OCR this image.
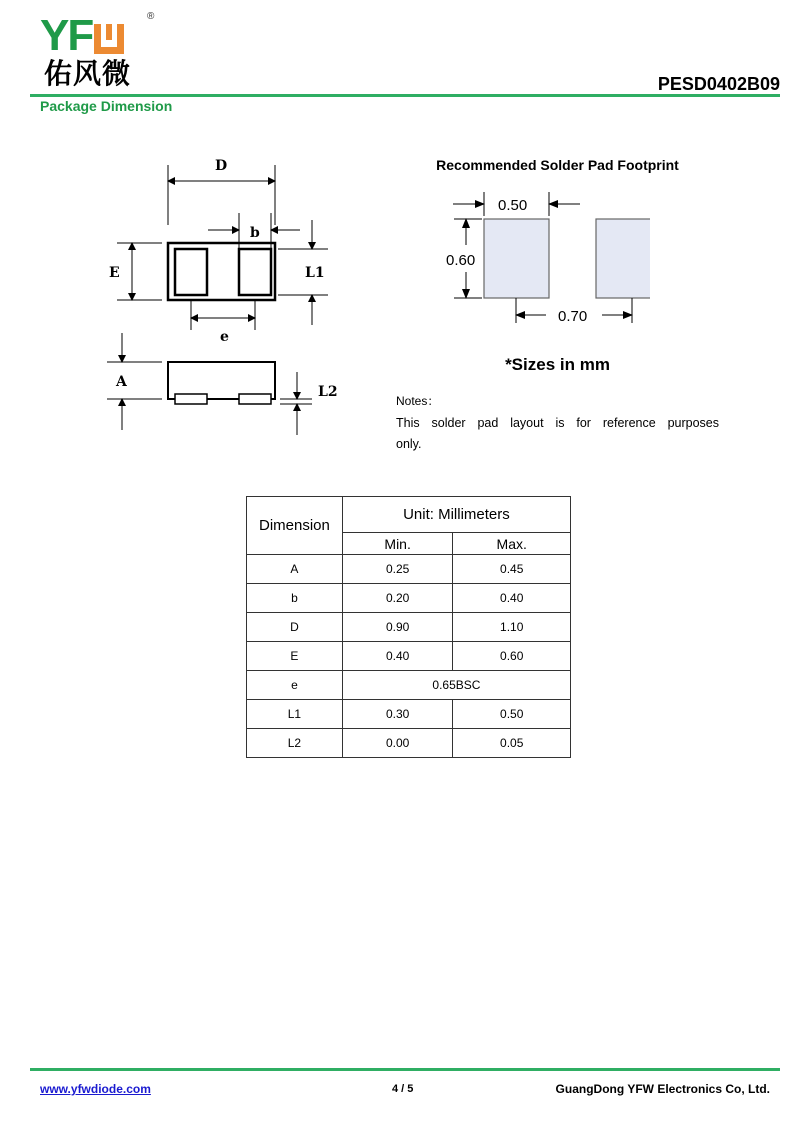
YF	®
佑风微	PESD0402B09
Package Dimension
D
b
E	L1
e
A
L2
Recommended Solder Pad Footprint
0.50
0.60
0.70
*Sizes in mm
Notes：
This solder pad layout is for reference purposes only.
Dimension	Unit: Millimeters	
	Min.	Max.
A	0.25	0.45
b	0.20	0.40
D	0.90	1.10
E	0.40	0.60
e	0.65BSC	
L1	0.30	0.50
L2	0.00	0.05
www.yfwdiode.com	4 / 5	GuangDong YFW Electronics Co, Ltd.
